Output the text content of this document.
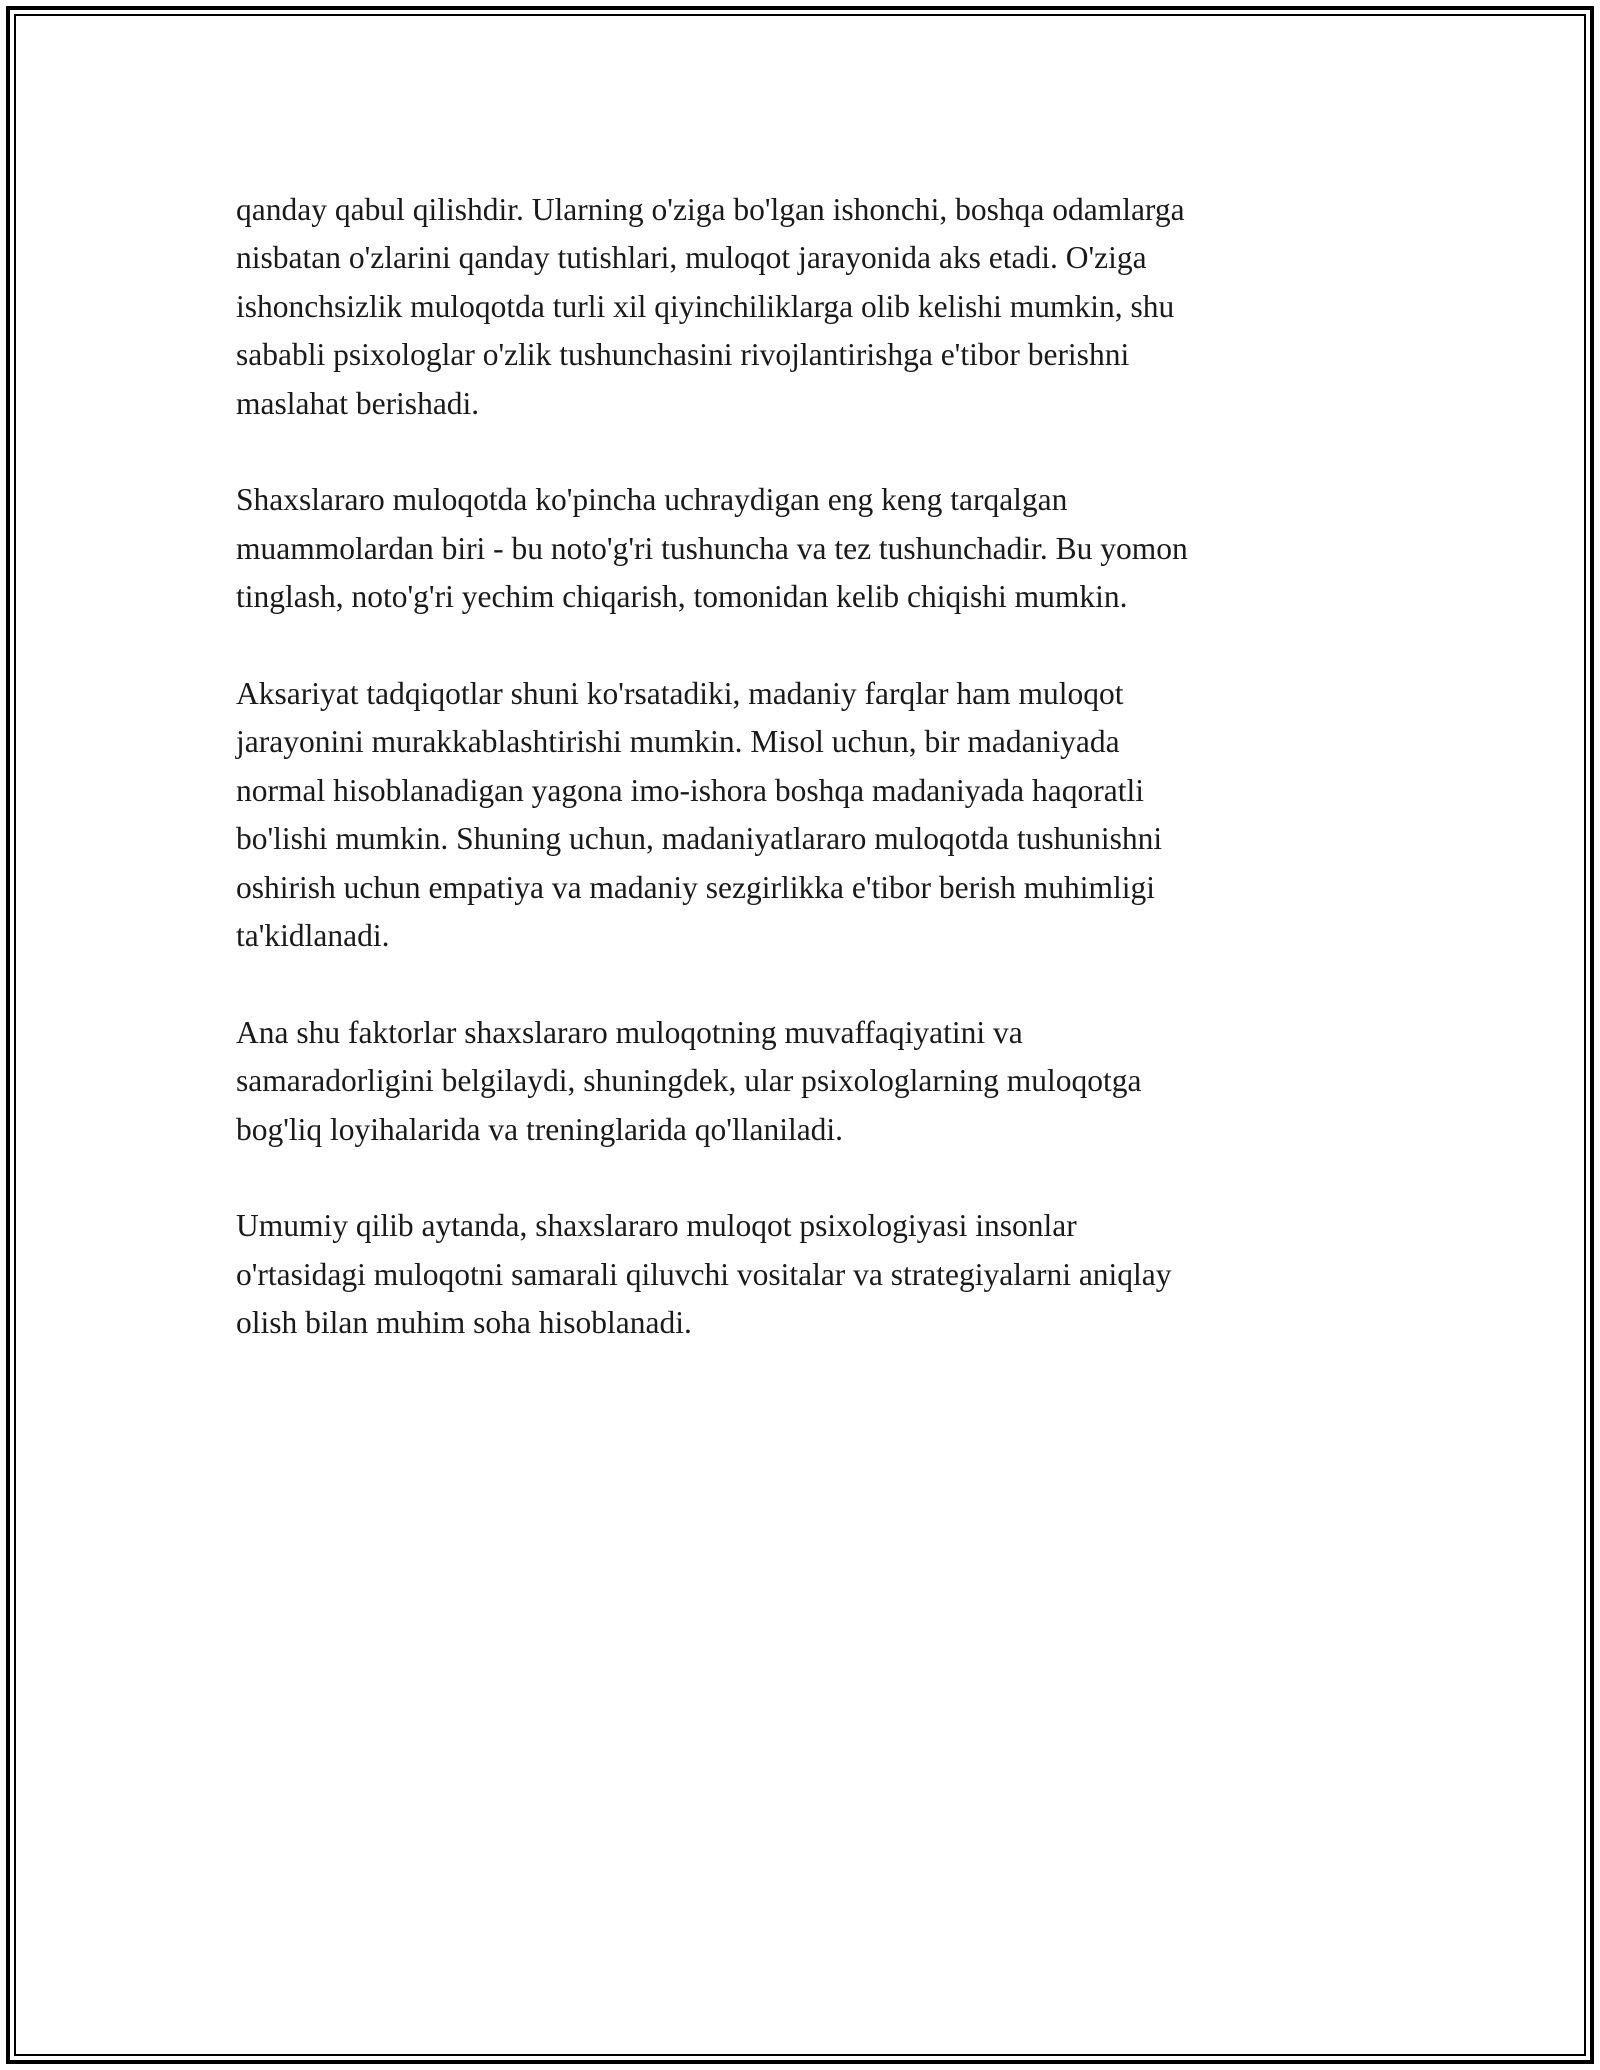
qanday qabul qilishdir. Ularning o'ziga bo'lgan ishonchi, boshqa odamlarga
nisbatan o'zlarini qanday tutishlari, muloqot jarayonida aks etadi. O'ziga
ishonchsizlik muloqotda turli xil qiyinchiliklarga olib kelishi mumkin, shu
sababli psixologlar o'zlik tushunchasini rivojlantirishga e'tibor berishni
maslahat berishadi.

Shaxslararo muloqotda ko'pincha uchraydigan eng keng tarqalgan
muammolardan biri - bu noto'g'ri tushuncha va tez tushunchadir. Bu yomon
tinglash, noto'g'ri yechim chiqarish, tomonidan kelib chiqishi mumkin.

Aksariyat tadqiqotlar shuni ko'rsatadiki, madaniy farqlar ham muloqot
jarayonini murakkablashtirishi mumkin. Misol uchun, bir madaniyada
normal hisoblanadigan yagona imo-ishora boshqa madaniyada haqoratli
bo'lishi mumkin. Shuning uchun, madaniyatlararo muloqotda tushunishni
oshirish uchun empatiya va madaniy sezgirlikka e'tibor berish muhimligi
ta'kidlanadi.

Ana shu faktorlar shaxslararo muloqotning muvaffaqiyatini va
samaradorligini belgilaydi, shuningdek, ular psixologlarning muloqotga
bog'liq loyihalarida va treninglarida qo'llaniladi.

Umumiy qilib aytanda, shaxslararo muloqot psixologiyasi insonlar
o'rtasidagi muloqotni samarali qiluvchi vositalar va strategiyalarni aniqlay
olish bilan muhim soha hisoblanadi.
